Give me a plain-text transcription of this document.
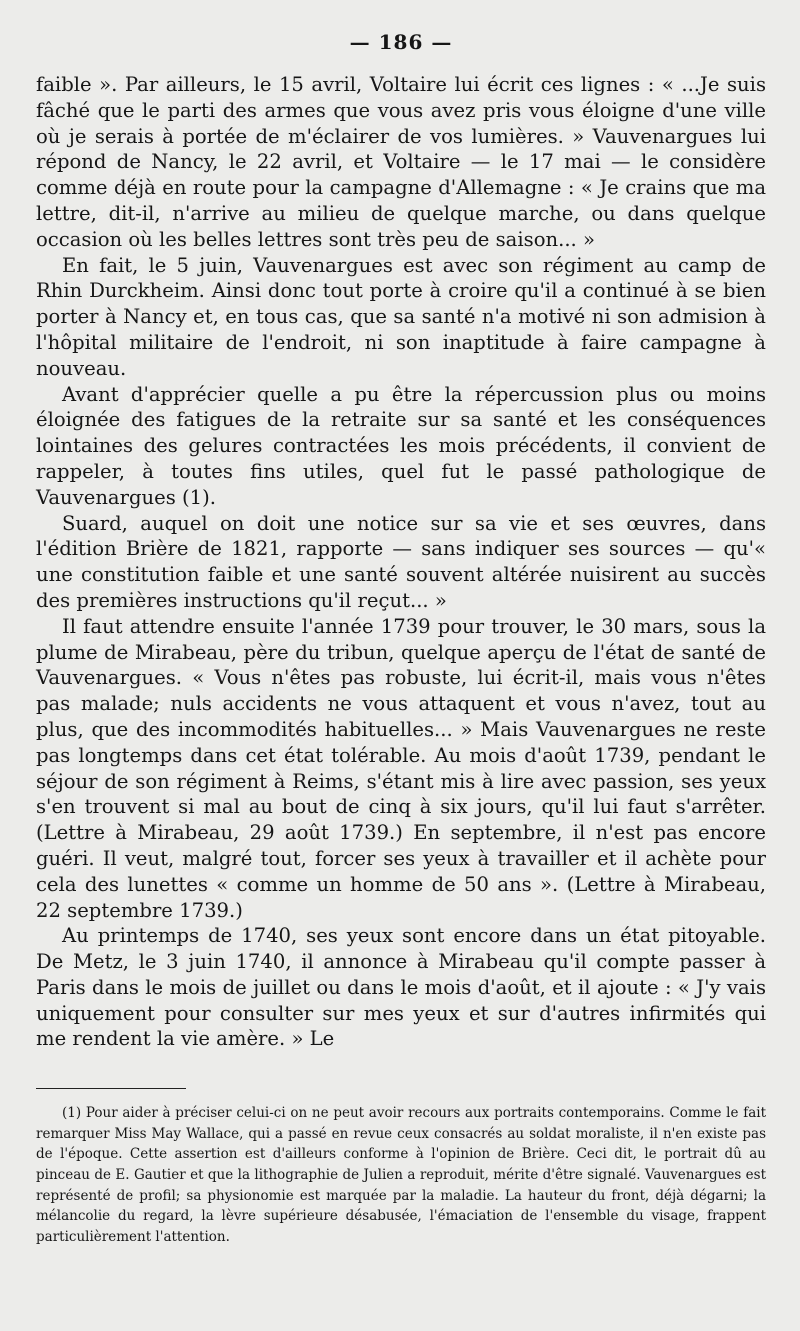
— 186 —

faible ». Par ailleurs, le 15 avril, Voltaire lui écrit ces lignes : « ...Je suis fâché que le parti des armes que vous avez pris vous éloigne d'une ville où je serais à portée de m'éclairer de vos lumières. » Vauvenargues lui répond de Nancy, le 22 avril, et Voltaire — le 17 mai — le considère comme déjà en route pour la campagne d'Allemagne : « Je crains que ma lettre, dit-il, n'arrive au milieu de quelque marche, ou dans quelque occasion où les belles lettres sont très peu de saison... »

En fait, le 5 juin, Vauvenargues est avec son régiment au camp de Rhin Durckheim. Ainsi donc tout porte à croire qu'il a continué à se bien porter à Nancy et, en tous cas, que sa santé n'a motivé ni son admision à l'hôpital militaire de l'endroit, ni son inaptitude à faire campagne à nouveau.

Avant d'apprécier quelle a pu être la répercussion plus ou moins éloignée des fatigues de la retraite sur sa santé et les conséquences lointaines des gelures contractées les mois précédents, il convient de rappeler, à toutes fins utiles, quel fut le passé pathologique de Vauvenargues (1).

Suard, auquel on doit une notice sur sa vie et ses œuvres, dans l'édition Brière de 1821, rapporte — sans indiquer ses sources — qu'« une constitution faible et une santé souvent altérée nuisirent au succès des premières instructions qu'il reçut... »

Il faut attendre ensuite l'année 1739 pour trouver, le 30 mars, sous la plume de Mirabeau, père du tribun, quelque aperçu de l'état de santé de Vauvenargues. « Vous n'êtes pas robuste, lui écrit-il, mais vous n'êtes pas malade; nuls accidents ne vous attaquent et vous n'avez, tout au plus, que des incommodités habituelles... » Mais Vauvenargues ne reste pas longtemps dans cet état tolérable. Au mois d'août 1739, pendant le séjour de son régiment à Reims, s'étant mis à lire avec passion, ses yeux s'en trouvent si mal au bout de cinq à six jours, qu'il lui faut s'arrêter. (Lettre à Mirabeau, 29 août 1739.) En septembre, il n'est pas encore guéri. Il veut, malgré tout, forcer ses yeux à travailler et il achète pour cela des lunettes « comme un homme de 50 ans ». (Lettre à Mirabeau, 22 septembre 1739.)

Au printemps de 1740, ses yeux sont encore dans un état pitoyable. De Metz, le 3 juin 1740, il annonce à Mirabeau qu'il compte passer à Paris dans le mois de juillet ou dans le mois d'août, et il ajoute : « J'y vais uniquement pour consulter sur mes yeux et sur d'autres infirmités qui me rendent la vie amère. » Le

(1) Pour aider à préciser celui-ci on ne peut avoir recours aux portraits contemporains. Comme le fait remarquer Miss May Wallace, qui a passé en revue ceux consacrés au soldat moraliste, il n'en existe pas de l'époque. Cette assertion est d'ailleurs conforme à l'opinion de Brière. Ceci dit, le portrait dû au pinceau de E. Gautier et que la lithographie de Julien a reproduit, mérite d'être signalé. Vauvenargues est représenté de profil; sa physionomie est marquée par la maladie. La hauteur du front, déjà dégarni; la mélancolie du regard, la lèvre supérieure désabusée, l'émaciation de l'ensemble du visage, frappent particulièrement l'attention.
